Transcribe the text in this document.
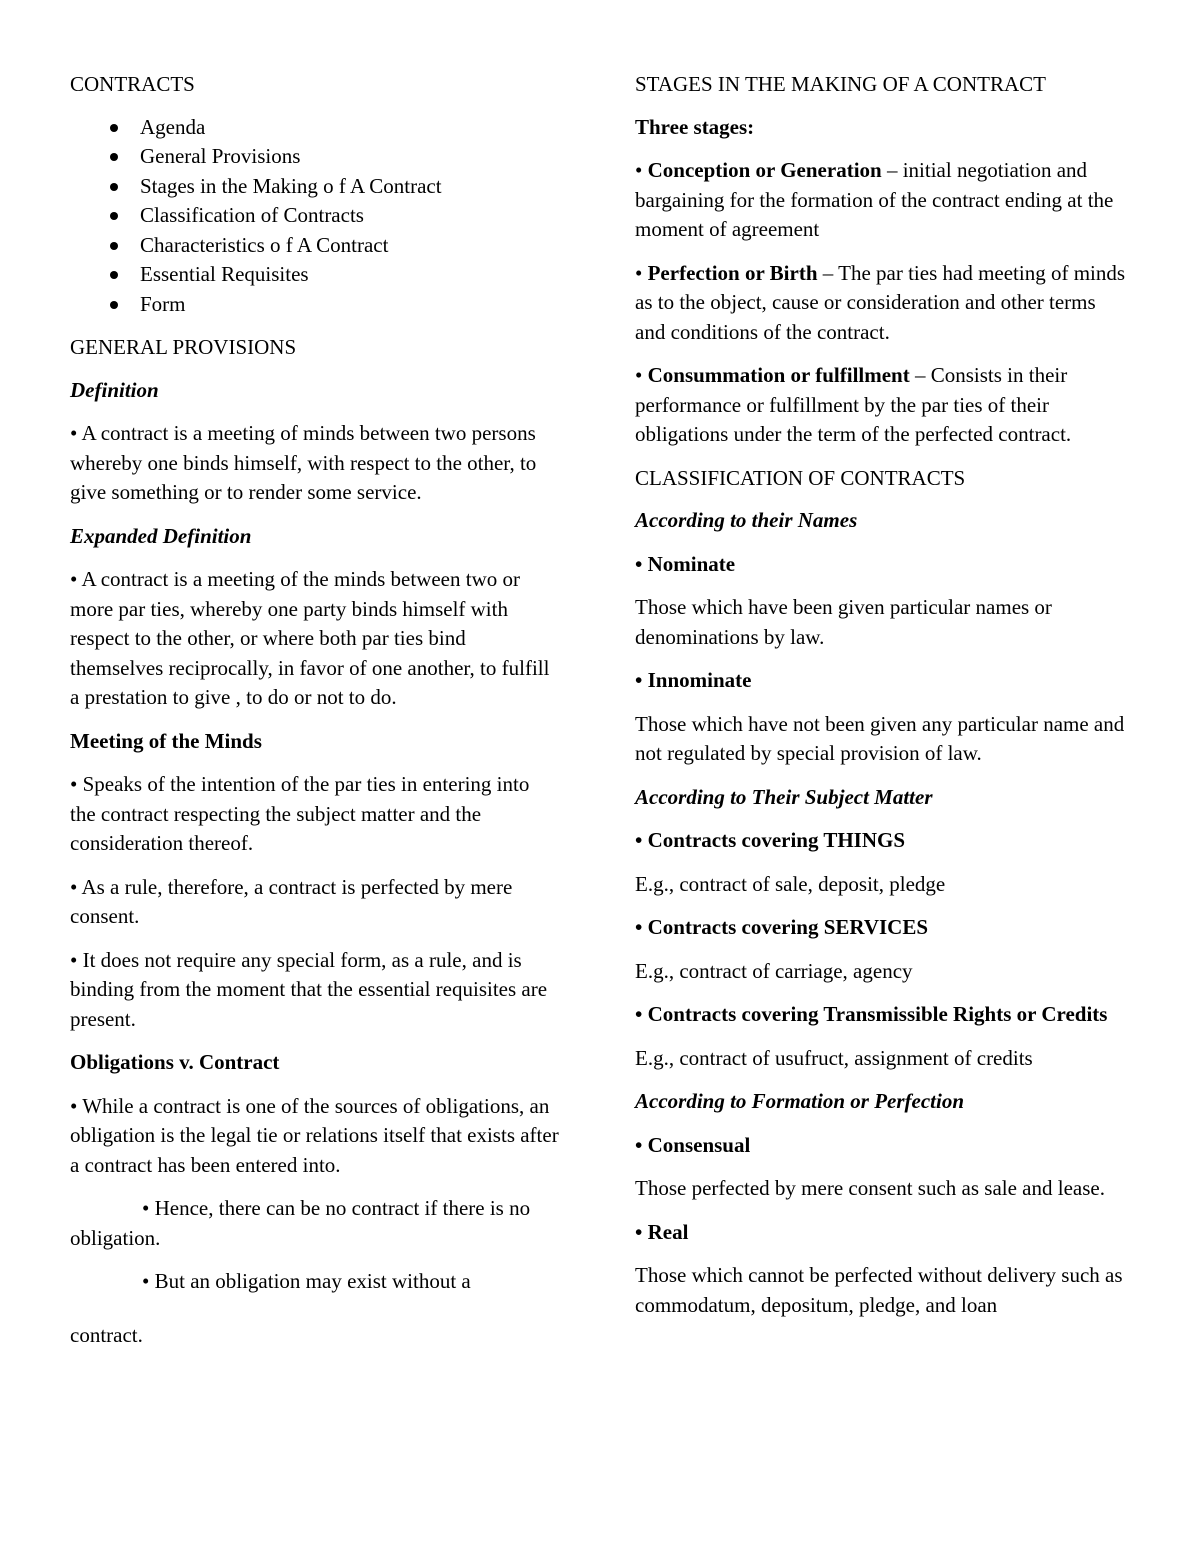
CONTRACTS
Agenda
General Provisions
Stages in the Making o f A Contract
Classification of Contracts
Characteristics o f A Contract
Essential Requisites
Form
GENERAL PROVISIONS

Definition

• A contract is a meeting of minds between two persons whereby one binds himself, with respect to the other, to give something or to render some service.

Expanded Definition

• A contract is a meeting of the minds between two or more par ties, whereby one party binds himself with respect to the other, or where both par ties bind themselves reciprocally, in favor of one another, to fulfill a prestation to give , to do or not to do.

Meeting of the Minds

• Speaks of the intention of the par ties in entering into the contract respecting the subject matter and the consideration thereof.

• As a rule, therefore, a contract is perfected by mere consent.

• It does not require any special form, as a rule, and is binding from the moment that the essential requisites are present.

Obligations v. Contract

• While a contract is one of the sources of obligations, an obligation is the legal tie or relations itself that exists after a contract has been entered into.

• Hence, there can be no contract if there is no obligation.

• But an obligation may exist without a

contract.

STAGES IN THE MAKING OF A CONTRACT

Three stages:

• Conception or Generation – initial negotiation and bargaining for the formation of the contract ending at the moment of agreement

• Perfection or Birth – The par ties had meeting of minds as to the object, cause or consideration and other terms and conditions of the contract.

• Consummation or fulfillment – Consists in their performance or fulfillment by the par ties of their obligations under the term of the perfected contract.

CLASSIFICATION OF CONTRACTS

According to their Names

• Nominate

Those which have been given particular names or denominations by law.

• Innominate

Those which have not been given any particular name and not regulated by special provision of law.

According to Their Subject Matter

• Contracts covering THINGS

E.g., contract of sale, deposit, pledge

• Contracts covering SERVICES

E.g., contract of carriage, agency

• Contracts covering Transmissible Rights or Credits

E.g., contract of usufruct, assignment of credits

According to Formation or Perfection

• Consensual

Those perfected by mere consent such as sale and lease.

• Real

Those which cannot be perfected without delivery such as commodatum, depositum, pledge, and loan
